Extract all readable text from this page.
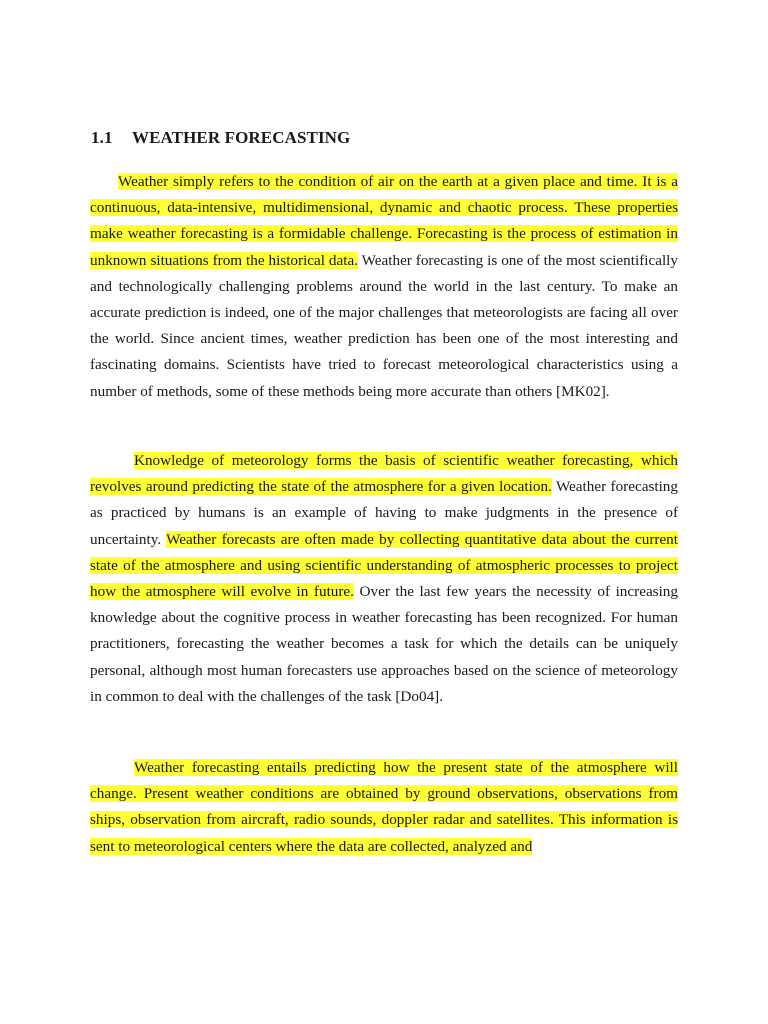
1.1 WEATHER FORECASTING

Weather simply refers to the condition of air on the earth at a given place and time. It is a continuous, data-intensive, multidimensional, dynamic and chaotic process. These properties make weather forecasting is a formidable challenge. Forecasting is the process of estimation in unknown situations from the historical data. Weather forecasting is one of the most scientifically and technologically challenging problems around the world in the last century. To make an accurate prediction is indeed, one of the major challenges that meteorologists are facing all over the world. Since ancient times, weather prediction has been one of the most interesting and fascinating domains. Scientists have tried to forecast meteorological characteristics using a number of methods, some of these methods being more accurate than others [MK02].

Knowledge of meteorology forms the basis of scientific weather forecasting, which revolves around predicting the state of the atmosphere for a given location. Weather forecasting as practiced by humans is an example of having to make judgments in the presence of uncertainty. Weather forecasts are often made by collecting quantitative data about the current state of the atmosphere and using scientific understanding of atmospheric processes to project how the atmosphere will evolve in future. Over the last few years the necessity of increasing knowledge about the cognitive process in weather forecasting has been recognized. For human practitioners, forecasting the weather becomes a task for which the details can be uniquely personal, although most human forecasters use approaches based on the science of meteorology in common to deal with the challenges of the task [Do04].

Weather forecasting entails predicting how the present state of the atmosphere will change. Present weather conditions are obtained by ground observations, observations from ships, observation from aircraft, radio sounds, doppler radar and satellites. This information is sent to meteorological centers where the data are collected, analyzed and
